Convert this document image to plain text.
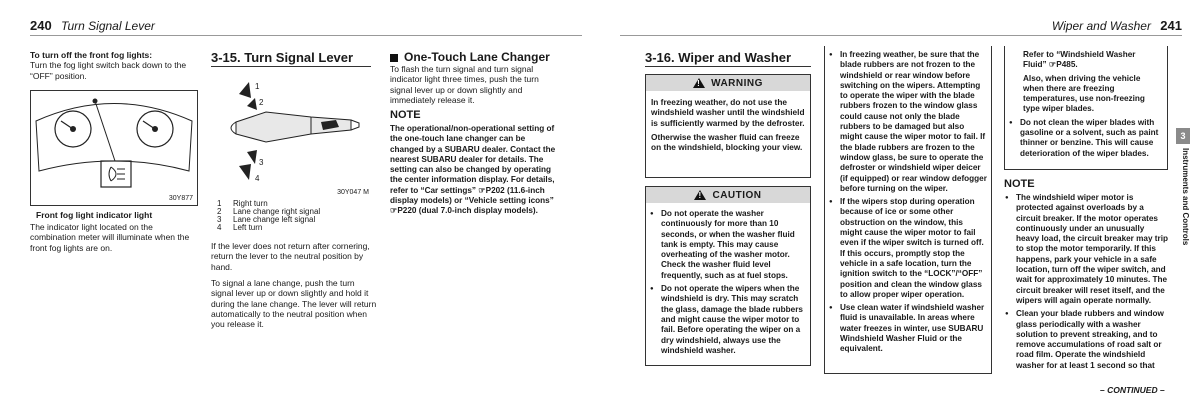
240 Turn Signal Lever	Wiper and Washer 241
To turn off the front fog lights:
Turn the fog light switch back down to the “OFF” position.
30Y877
Front fog light indicator light
The indicator light located on the combination meter will illuminate when the front fog lights are on.
3-15. Turn Signal Lever
1
2
3
4
30Y047 M
1 Right turn
2 Lane change right signal
3 Lane change left signal
4 Left turn
If the lever does not return after cornering, return the lever to the neutral position by hand.
To signal a lane change, push the turn signal lever up or down slightly and hold it during the lane change. The lever will return automatically to the neutral position when you release it.
One-Touch Lane Changer
To flash the turn signal and turn signal indicator light three times, push the turn signal lever up or down slightly and immediately release it.
NOTE
The operational/non-operational setting of the one-touch lane changer can be changed by a SUBARU dealer. Contact the nearest SUBARU dealer for details. The setting can also be changed by operating the center information display. For details, refer to “Car settings” ☞P202 (11.6-inch display models) or “Vehicle setting icons” ☞P220 (dual 7.0-inch display models).
3-16. Wiper and Washer
!
WARNING
In freezing weather, do not use the windshield washer until the windshield is sufficiently warmed by the defroster.
Otherwise the washer fluid can freeze on the windshield, blocking your view.
!
CAUTION
● Do not operate the washer continuously for more than 10 seconds, or when the washer fluid tank is empty. This may cause overheating of the washer motor. Check the washer fluid level frequently, such as at fuel stops.
● Do not operate the wipers when the windshield is dry. This may scratch the glass, damage the blade rubbers and might cause the wiper motor to fail. Before operating the wiper on a dry windshield, always use the windshield washer.
● In freezing weather, be sure that the blade rubbers are not frozen to the windshield or rear window before switching on the wipers. Attempting to operate the wiper with the blade rubbers frozen to the window glass could cause not only the blade rubbers to be damaged but also might cause the wiper motor to fail. If the blade rubbers are frozen to the window glass, be sure to operate the defroster or windshield wiper deicer (if equipped) or rear window defogger before turning on the wiper.
● If the wipers stop during operation because of ice or some other obstruction on the window, this might cause the wiper motor to fail even if the wiper switch is turned off. If this occurs, promptly stop the vehicle in a safe location, turn the ignition switch to the “LOCK”/“OFF” position and clean the window glass to allow proper wiper operation.
● Use clean water if windshield washer fluid is unavailable. In areas where water freezes in winter, use SUBARU Windshield Washer Fluid or the equivalent.
Refer to “Windshield Washer Fluid” ☞P485.
Also, when driving the vehicle when there are freezing temperatures, use non-freezing type wiper blades.
● Do not clean the wiper blades with gasoline or a solvent, such as paint thinner or benzine. This will cause deterioration of the wiper blades.
NOTE
● The windshield wiper motor is protected against overloads by a circuit breaker. If the motor operates continuously under an unusually heavy load, the circuit breaker may trip to stop the motor temporarily. If this happens, park your vehicle in a safe location, turn off the wiper switch, and wait for approximately 10 minutes. The circuit breaker will reset itself, and the wipers will again operate normally.
● Clean your blade rubbers and window glass periodically with a washer solution to prevent streaking, and to remove accumulations of road salt or road film. Operate the windshield washer for at least 1 second so that
– CONTINUED –
3
Instruments and Controls
